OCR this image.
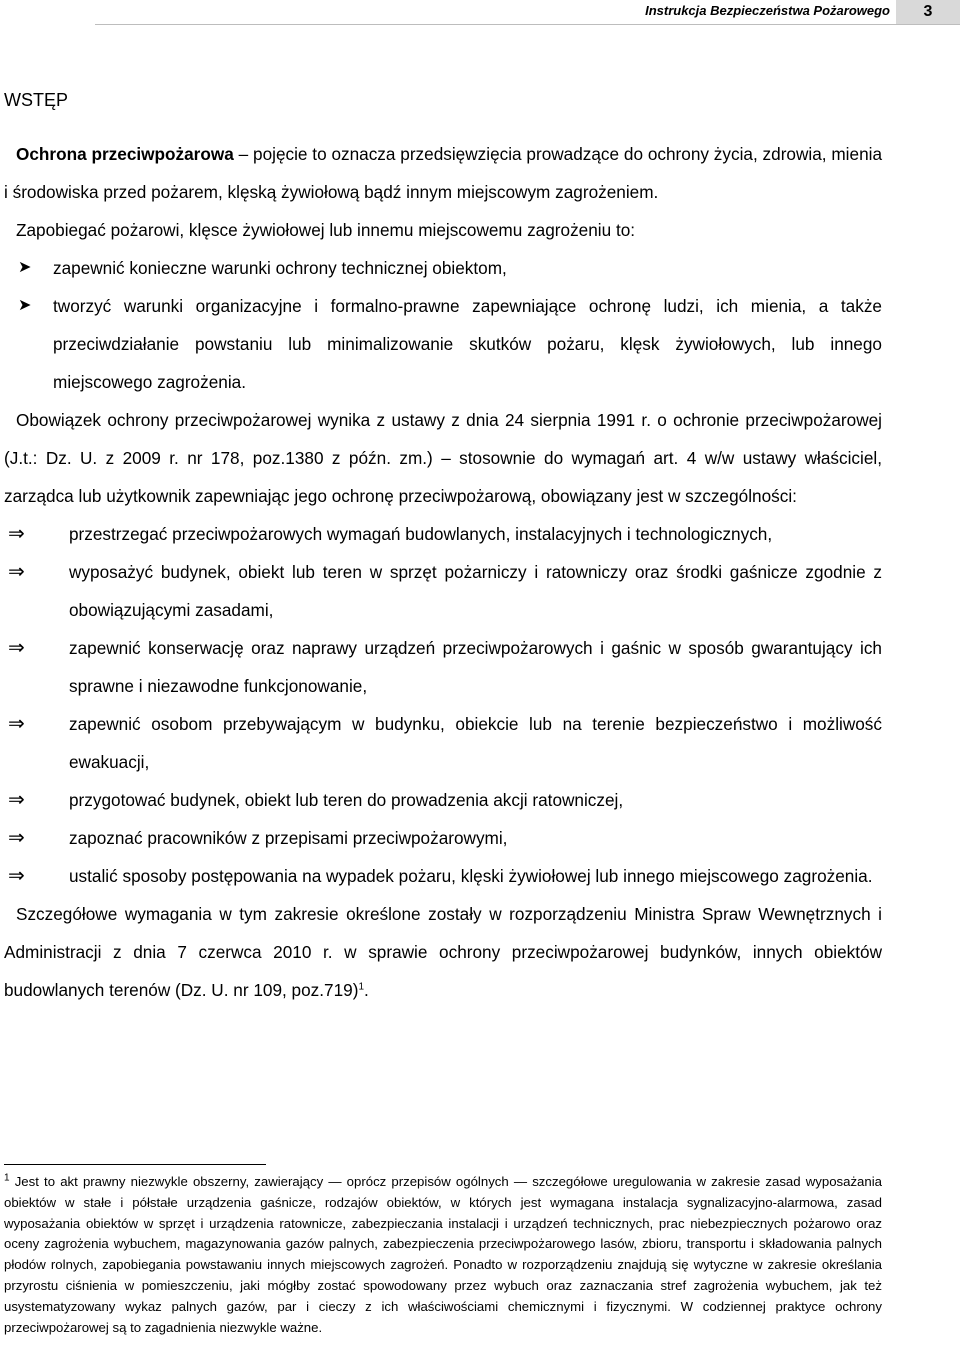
Instrukcja Bezpieczeństwa Pożarowego	3
WSTĘP

Ochrona przeciwpożarowa – pojęcie to oznacza przedsięwzięcia prowadzące do ochrony życia, zdrowia, mienia i środowiska przed pożarem, klęską żywiołową bądź innym miejscowym zagrożeniem.

Zapobiegać pożarowi, klęsce żywiołowej lub innemu miejscowemu zagrożeniu to:

➤ zapewnić konieczne warunki ochrony technicznej obiektom,
➤ tworzyć warunki organizacyjne i formalno-prawne zapewniające ochronę ludzi, ich mienia, a także przeciwdziałanie powstaniu lub minimalizowanie skutków pożaru, klęsk żywiołowych, lub innego miejscowego zagrożenia.

Obowiązek ochrony przeciwpożarowej wynika z ustawy z dnia 24 sierpnia 1991 r. o ochronie przeciwpożarowej (J.t.: Dz. U. z 2009 r. nr 178, poz.1380 z późn. zm.) – stosownie do wymagań art. 4 w/w ustawy właściciel, zarządca lub użytkownik zapewniając jego ochronę przeciwpożarową, obowiązany jest w szczególności:

⇒	przestrzegać przeciwpożarowych wymagań budowlanych, instalacyjnych i technologicznych,
⇒	wyposażyć budynek, obiekt lub teren w sprzęt pożarniczy i ratowniczy oraz środki gaśnicze zgodnie z obowiązującymi zasadami,
⇒	zapewnić konserwację oraz naprawy urządzeń przeciwpożarowych i gaśnic w sposób gwarantujący ich sprawne i niezawodne funkcjonowanie,
⇒	zapewnić osobom przebywającym w budynku, obiekcie lub na terenie bezpieczeństwo i możliwość ewakuacji,
⇒	przygotować budynek, obiekt lub teren do prowadzenia akcji ratowniczej,
⇒	zapoznać pracowników z przepisami przeciwpożarowymi,
⇒	ustalić sposoby postępowania na wypadek pożaru, klęski żywiołowej lub innego miejscowego zagrożenia.

Szczegółowe wymagania w tym zakresie określone zostały w rozporządzeniu Ministra Spraw Wewnętrznych i Administracji z dnia 7 czerwca 2010 r. w sprawie ochrony przeciwpożarowej budynków, innych obiektów budowlanych terenów (Dz. U. nr 109, poz.719)$^1$.

$^1$ Jest to akt prawny niezwykle obszerny, zawierający — oprócz przepisów ogólnych — szczegółowe uregulowania w zakresie zasad wyposażania obiektów w stałe i półstałe urządzenia gaśnicze, rodzajów obiektów, w których jest wymagana instalacja sygnalizacyjno-alarmowa, zasad wyposażania obiektów w sprzęt i urządzenia ratownicze, zabezpieczania instalacji i urządzeń technicznych, prac niebezpiecznych pożarowo oraz oceny zagrożenia wybuchem, magazynowania gazów palnych, zabezpieczenia przeciwpożarowego lasów, zbioru, transportu i składowania palnych płodów rolnych, zapobiegania powstawaniu innych miejscowych zagrożeń. Ponadto w rozporządzeniu znajdują się wytyczne w zakresie określania przyrostu ciśnienia w pomieszczeniu, jaki mógłby zostać spowodowany przez wybuch oraz zaznaczania stref zagrożenia wybuchem, jak też usystematyzowany wykaz palnych gazów, par i cieczy z ich właściwościami chemicznymi i fizycznymi. W codziennej praktyce ochrony przeciwpożarowej są to zagadnienia niezwykle ważne.
